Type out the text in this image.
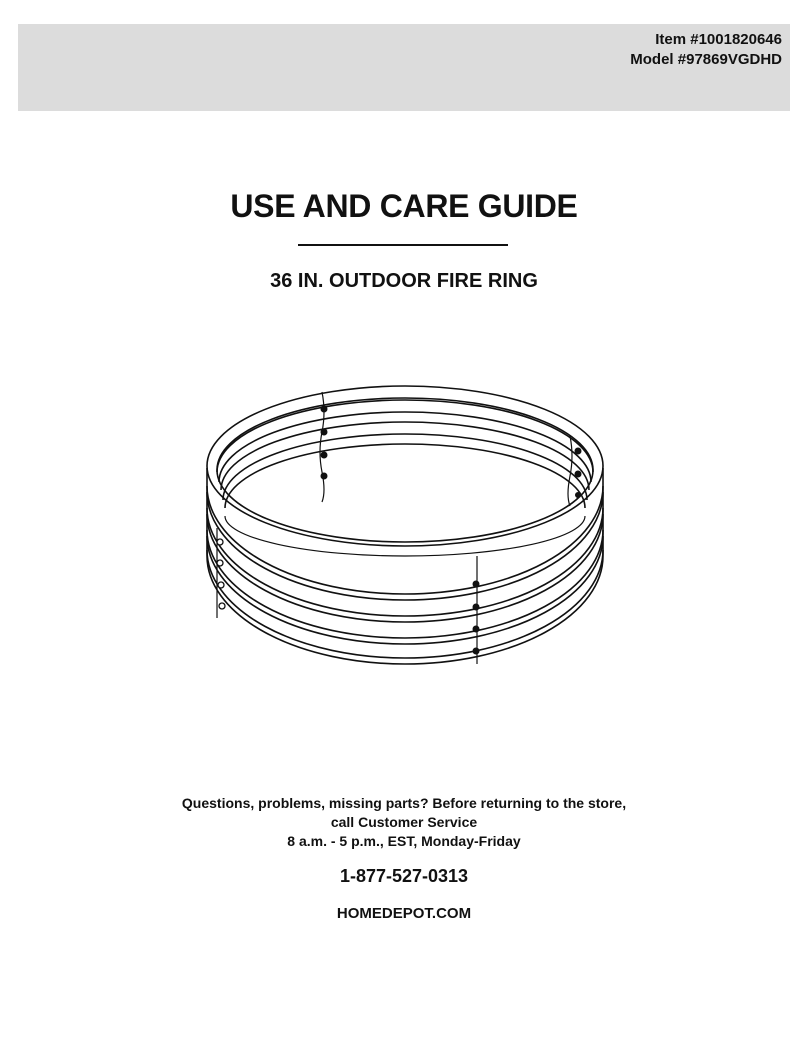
Item #1001820646
Model #97869VGDHD
USE AND CARE GUIDE
36 IN. OUTDOOR FIRE RING
Questions, problems, missing parts? Before returning to the store,
call Customer Service
8 a.m. - 5 p.m., EST, Monday-Friday
1-877-527-0313
HOMEDEPOT.COM
